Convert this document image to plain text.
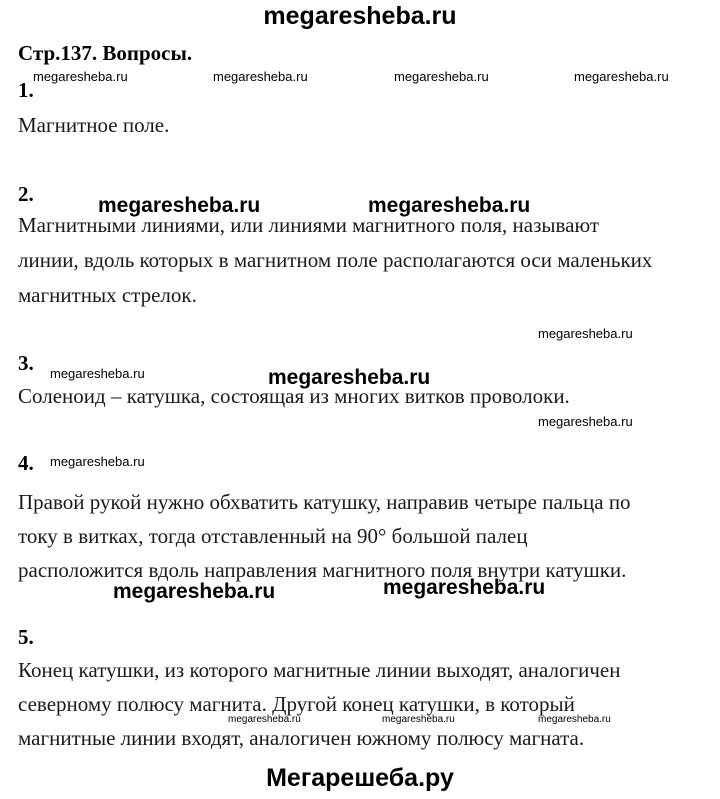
megaresheba.ru
Стр.137. Вопросы.
megaresheba.ru	megaresheba.ru	megaresheba.ru	megaresheba.ru
1.
Магнитное поле.
2.	megaresheba.ru	megaresheba.ru
Магнитными линиями, или линиями магнитного поля, называют
линии, вдоль которых в магнитном поле располагаются оси маленьких
магнитных стрелок.
megaresheba.ru
3. megaresheba.ru	megaresheba.ru
Соленоид – катушка, состоящая из многих витков проволоки.
megaresheba.ru
4. megaresheba.ru
Правой рукой нужно обхватить катушку, направив четыре пальца по
току в витках, тогда отставленный на 90° большой палец
расположится вдоль направления магнитного поля внутри катушки.
megaresheba.ru	megaresheba.ru
5.
Конец катушки, из которого магнитные линии выходят, аналогичен
северному полюсу магнита. Другой конец катушки, в который
megaresheba.ru	megaresheba.ru	megaresheba.ru
магнитные линии входят, аналогичен южному полюсу магната.
Мегарешеба.ру
